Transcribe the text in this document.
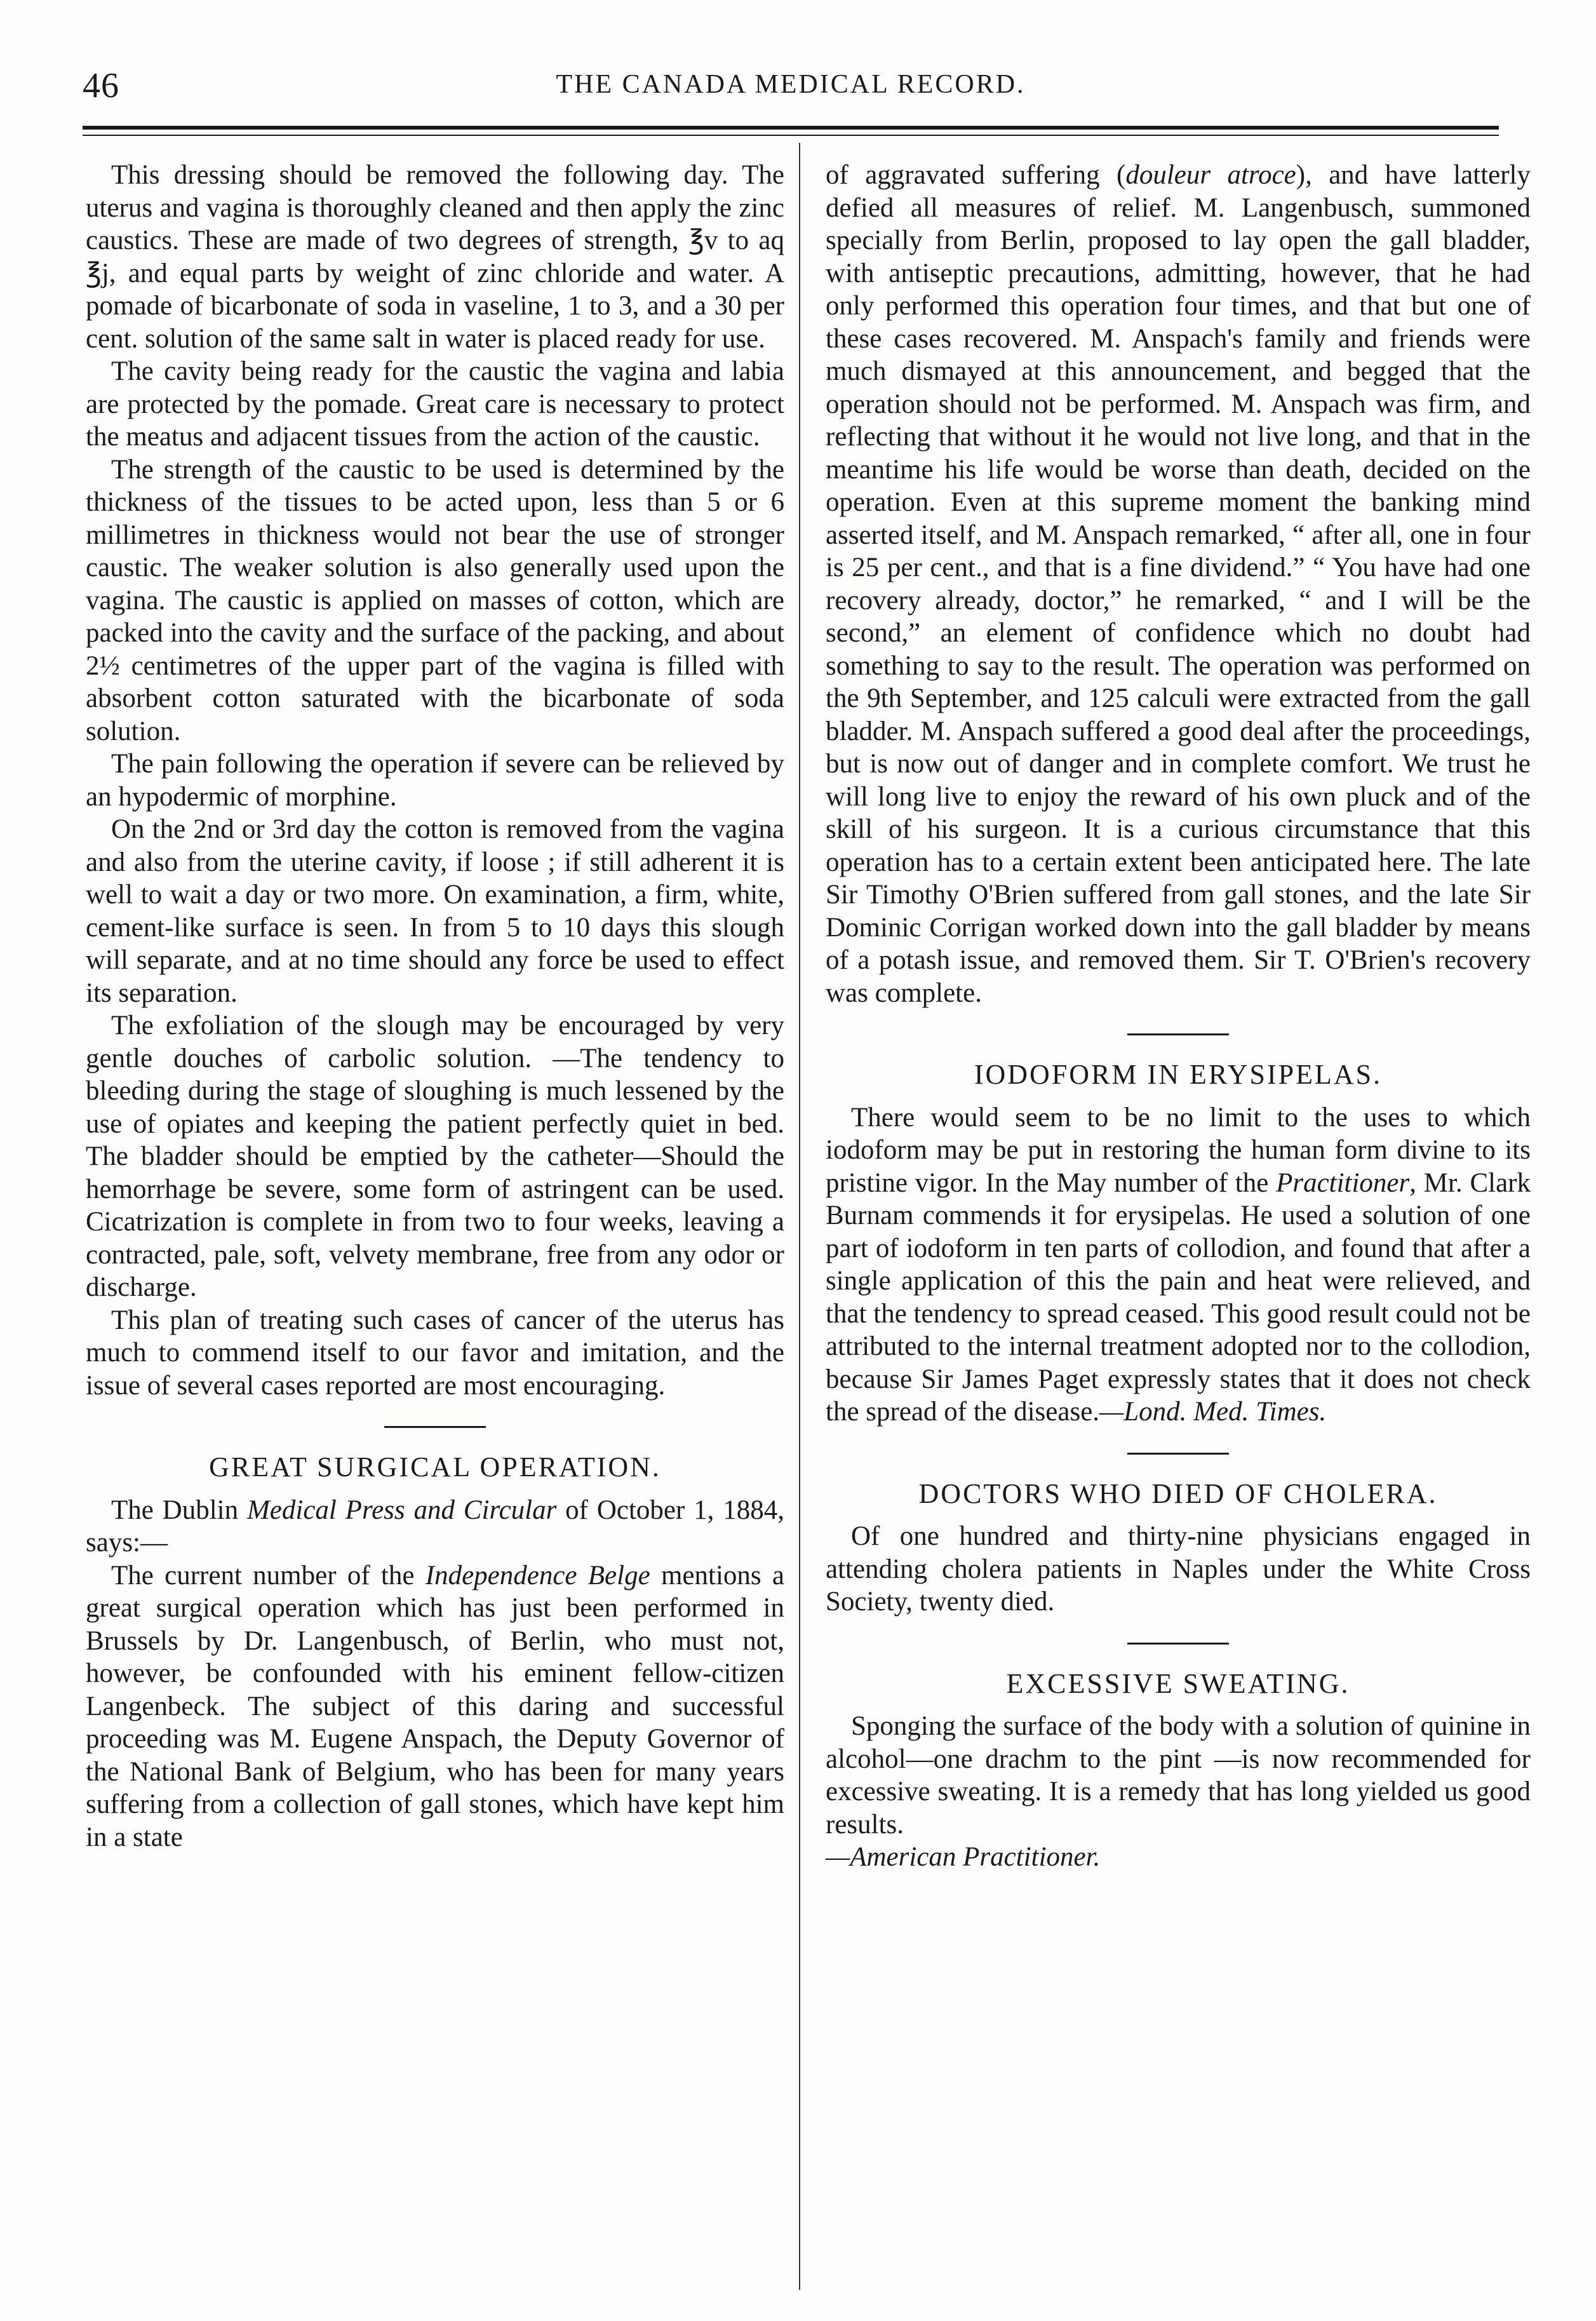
46	THE CANADA MEDICAL RECORD.

This dressing should be removed the following day. The uterus and vagina is thoroughly cleaned and then apply the zinc caustics. These are made of two degrees of strength, ℥v to aq ℥j, and equal parts by weight of zinc chloride and water. A pomade of bicarbonate of soda in vaseline, 1 to 3, and a 30 per cent. solution of the same salt in water is placed ready for use.

The cavity being ready for the caustic the vagina and labia are protected by the pomade. Great care is necessary to protect the meatus and adjacent tissues from the action of the caustic.

The strength of the caustic to be used is determined by the thickness of the tissues to be acted upon, less than 5 or 6 millimetres in thickness would not bear the use of stronger caustic. The weaker solution is also generally used upon the vagina. The caustic is applied on masses of cotton, which are packed into the cavity and the surface of the packing, and about 2½ centimetres of the upper part of the vagina is filled with absorbent cotton saturated with the bicarbonate of soda solution.

The pain following the operation if severe can be relieved by an hypodermic of morphine.

On the 2nd or 3rd day the cotton is removed from the vagina and also from the uterine cavity, if loose ; if still adherent it is well to wait a day or two more. On examination, a firm, white, cement-like surface is seen. In from 5 to 10 days this slough will separate, and at no time should any force be used to effect its separation.

The exfoliation of the slough may be encouraged by very gentle douches of carbolic solution. —The tendency to bleeding during the stage of sloughing is much lessened by the use of opiates and keeping the patient perfectly quiet in bed. The bladder should be emptied by the catheter—Should the hemorrhage be severe, some form of astringent can be used. Cicatrization is complete in from two to four weeks, leaving a contracted, pale, soft, velvety membrane, free from any odor or discharge.

This plan of treating such cases of cancer of the uterus has much to commend itself to our favor and imitation, and the issue of several cases reported are most encouraging.

GREAT SURGICAL OPERATION.

The Dublin Medical Press and Circular of October 1, 1884, says:—

The current number of the Independence Belge mentions a great surgical operation which has just been performed in Brussels by Dr. Langenbusch, of Berlin, who must not, however, be confounded with his eminent fellow-citizen Langenbeck. The subject of this daring and successful proceeding was M. Eugene Anspach, the Deputy Governor of the National Bank of Belgium, who has been for many years suffering from a collection of gall stones, which have kept him in a state

of aggravated suffering (douleur atroce), and have latterly defied all measures of relief. M. Langenbusch, summoned specially from Berlin, proposed to lay open the gall bladder, with antiseptic precautions, admitting, however, that he had only performed this operation four times, and that but one of these cases recovered. M. Anspach's family and friends were much dismayed at this announcement, and begged that the operation should not be performed. M. Anspach was firm, and reflecting that without it he would not live long, and that in the meantime his life would be worse than death, decided on the operation. Even at this supreme moment the banking mind asserted itself, and M. Anspach remarked, “ after all, one in four is 25 per cent., and that is a fine dividend.” “ You have had one recovery already, doctor,” he remarked, “ and I will be the second,” an element of confidence which no doubt had something to say to the result. The operation was performed on the 9th September, and 125 calculi were extracted from the gall bladder. M. Anspach suffered a good deal after the proceedings, but is now out of danger and in complete comfort. We trust he will long live to enjoy the reward of his own pluck and of the skill of his surgeon. It is a curious circumstance that this operation has to a certain extent been anticipated here. The late Sir Timothy O'Brien suffered from gall stones, and the late Sir Dominic Corrigan worked down into the gall bladder by means of a potash issue, and removed them. Sir T. O'Brien's recovery was complete.

IODOFORM IN ERYSIPELAS.

There would seem to be no limit to the uses to which iodoform may be put in restoring the human form divine to its pristine vigor. In the May number of the Practitioner, Mr. Clark Burnam commends it for erysipelas. He used a solution of one part of iodoform in ten parts of collodion, and found that after a single application of this the pain and heat were relieved, and that the tendency to spread ceased. This good result could not be attributed to the internal treatment adopted nor to the collodion, because Sir James Paget expressly states that it does not check the spread of the disease.—Lond. Med. Times.

DOCTORS WHO DIED OF CHOLERA.

Of one hundred and thirty-nine physicians engaged in attending cholera patients in Naples under the White Cross Society, twenty died.

EXCESSIVE SWEATING.

Sponging the surface of the body with a solution of quinine in alcohol—one drachm to the pint —is now recommended for excessive sweating. It is a remedy that has long yielded us good results.
—American Practitioner.
